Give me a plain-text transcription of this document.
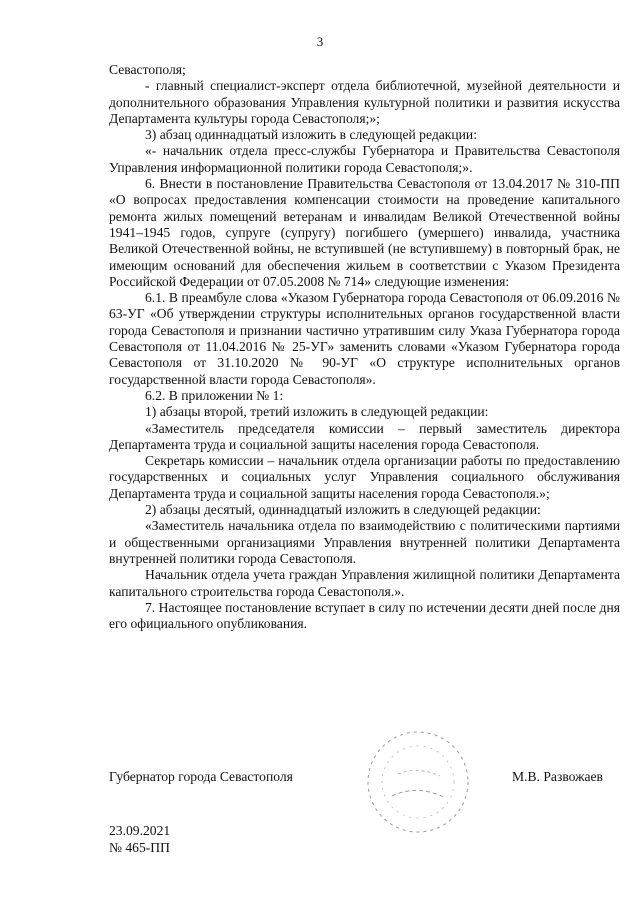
3

Севастополя;

- главный специалист-эксперт отдела библиотечной, музейной деятельности и дополнительного образования Управления культурной политики и развития искусства Департамента культуры города Севастополя;»;

3) абзац одиннадцатый изложить в следующей редакции:

«- начальник отдела пресс-службы Губернатора и Правительства Севастополя Управления информационной политики города Севастополя;».

6. Внести в постановление Правительства Севастополя от 13.04.2017 № 310-ПП «О вопросах предоставления компенсации стоимости на проведение капитального ремонта жилых помещений ветеранам и инвалидам Великой Отечественной войны 1941–1945 годов, супруге (супругу) погибшего (умершего) инвалида, участника Великой Отечественной войны, не вступившей (не вступившему) в повторный брак, не имеющим оснований для обеспечения жильем в соответствии с Указом Президента Российской Федерации от 07.05.2008 № 714» следующие изменения:

6.1. В преамбуле слова «Указом Губернатора города Севастополя от 06.09.2016 № 63-УГ «Об утверждении структуры исполнительных органов государственной власти города Севастополя и признании частично утратившим силу Указа Губернатора города Севастополя от 11.04.2016 № 25-УГ» заменить словами «Указом Губернатора города Севастополя от 31.10.2020 № 90-УГ «О структуре исполнительных органов государственной власти города Севастополя».

6.2. В приложении № 1:

1) абзацы второй, третий изложить в следующей редакции:

«Заместитель председателя комиссии – первый заместитель директора Департамента труда и социальной защиты населения города Севастополя.

Секретарь комиссии – начальник отдела организации работы по предоставлению государственных и социальных услуг Управления социального обслуживания Департамента труда и социальной защиты населения города Севастополя.»;

2) абзацы десятый, одиннадцатый изложить в следующей редакции:

«Заместитель начальника отдела по взаимодействию с политическими партиями и общественными организациями Управления внутренней политики Департамента внутренней политики города Севастополя.

Начальник отдела учета граждан Управления жилищной политики Департамента капитального строительства города Севастополя.».

7. Настоящее постановление вступает в силу по истечении десяти дней после дня его официального опубликования.

Губернатор города Севастополя	М.В. Развожаев
23.09.2021
№ 465-ПП
